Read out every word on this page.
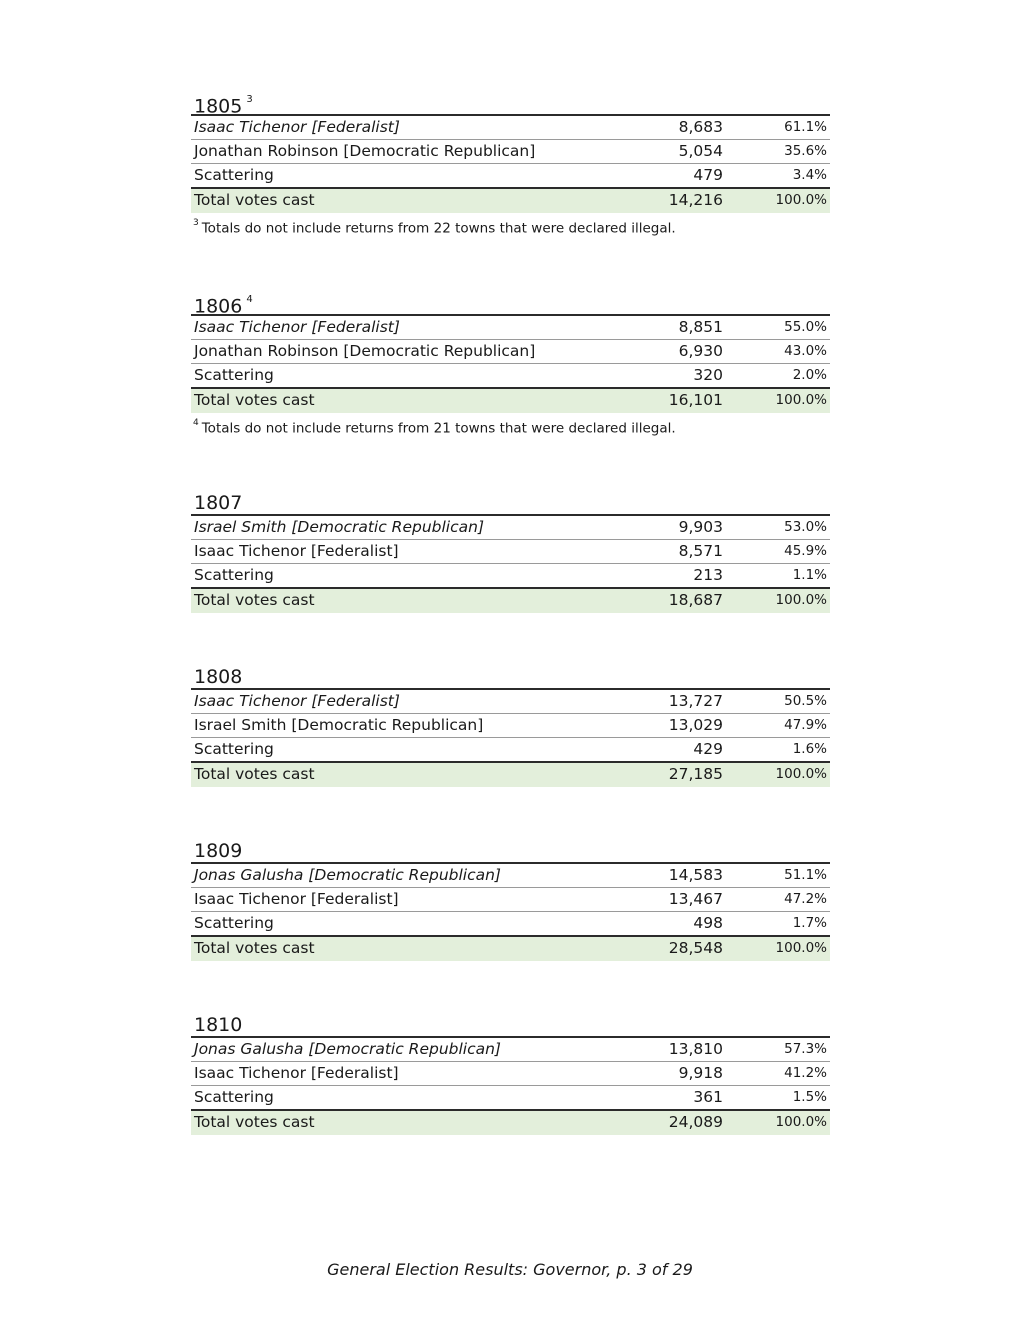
1805 $^3$
Isaac Tichenor [Federalist]	8,683	61.1%
Jonathan Robinson [Democratic Republican]	5,054	35.6%
Scattering	479	3.4%
Total votes cast	14,216	100.0%
$^3$ Totals do not include returns from 22 towns that were declared illegal.
1806 $^4$
Isaac Tichenor [Federalist]	8,851	55.0%
Jonathan Robinson [Democratic Republican]	6,930	43.0%
Scattering	320	2.0%
Total votes cast	16,101	100.0%
$^4$ Totals do not include returns from 21 towns that were declared illegal.
1807
Israel Smith [Democratic Republican]	9,903	53.0%
Isaac Tichenor [Federalist]	8,571	45.9%
Scattering	213	1.1%
Total votes cast	18,687	100.0%
1808
Isaac Tichenor [Federalist]	13,727	50.5%
Israel Smith [Democratic Republican]	13,029	47.9%
Scattering	429	1.6%
Total votes cast	27,185	100.0%
1809
Jonas Galusha [Democratic Republican]	14,583	51.1%
Isaac Tichenor [Federalist]	13,467	47.2%
Scattering	498	1.7%
Total votes cast	28,548	100.0%
1810
Jonas Galusha [Democratic Republican]	13,810	57.3%
Isaac Tichenor [Federalist]	9,918	41.2%
Scattering	361	1.5%
Total votes cast	24,089	100.0%
General Election Results: Governor, p. 3 of 29
